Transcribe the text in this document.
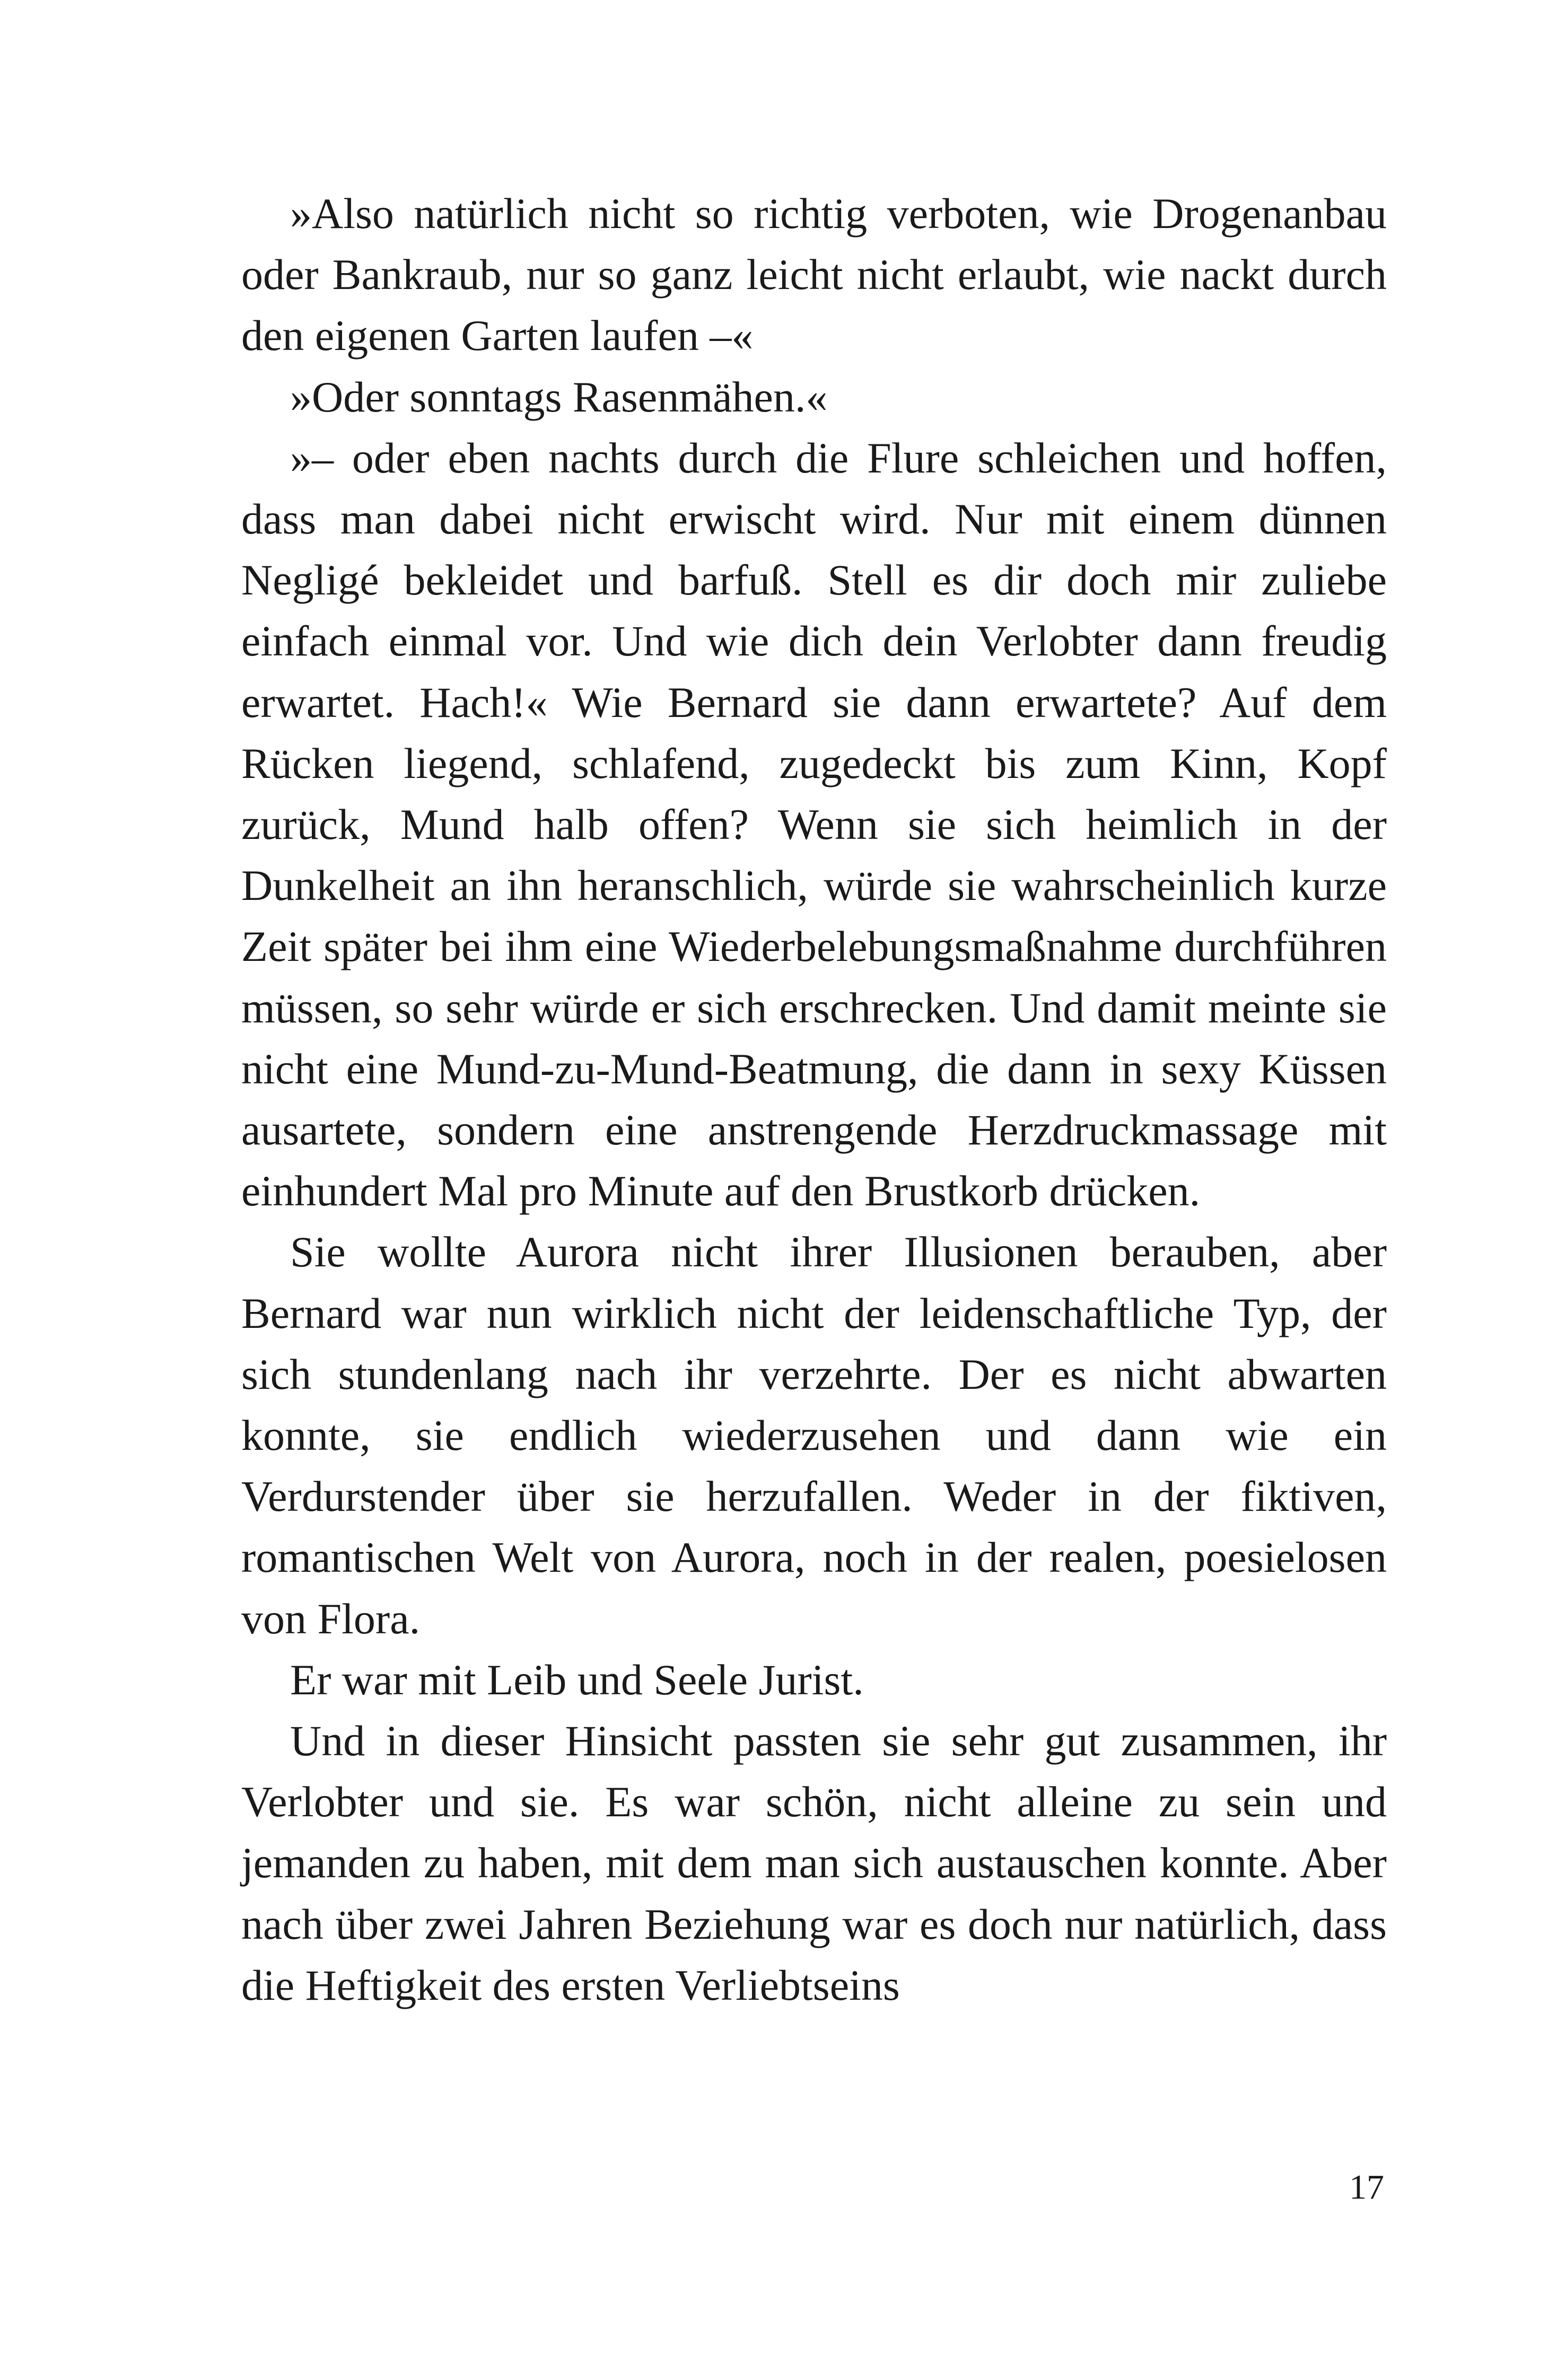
»Also natürlich nicht so richtig verboten, wie Drogenanbau oder Bankraub, nur so ganz leicht nicht erlaubt, wie nackt durch den eigenen Garten laufen –«

»Oder sonntags Rasenmähen.«

»– oder eben nachts durch die Flure schleichen und hoffen, dass man dabei nicht erwischt wird. Nur mit einem dünnen Negligé bekleidet und barfuß. Stell es dir doch mir zuliebe einfach einmal vor. Und wie dich dein Verlobter dann freudig erwartet. Hach!« Wie Bernard sie dann erwartete? Auf dem Rücken liegend, schlafend, zugedeckt bis zum Kinn, Kopf zurück, Mund halb offen? Wenn sie sich heimlich in der Dunkelheit an ihn heranschlich, würde sie wahrscheinlich kurze Zeit später bei ihm eine Wiederbelebungsmaßnahme durchführen müssen, so sehr würde er sich erschrecken. Und damit meinte sie nicht eine Mund-zu-Mund-Beatmung, die dann in sexy Küssen ausartete, sondern eine anstrengende Herzdruckmassage mit einhundert Mal pro Minute auf den Brustkorb drücken.

Sie wollte Aurora nicht ihrer Illusionen berauben, aber Bernard war nun wirklich nicht der leidenschaftliche Typ, der sich stundenlang nach ihr verzehrte. Der es nicht abwarten konnte, sie endlich wiederzusehen und dann wie ein Verdurstender über sie herzufallen. Weder in der fiktiven, romantischen Welt von Aurora, noch in der realen, poesielosen von Flora.

Er war mit Leib und Seele Jurist.

Und in dieser Hinsicht passten sie sehr gut zusammen, ihr Verlobter und sie. Es war schön, nicht alleine zu sein und jemanden zu haben, mit dem man sich austauschen konnte. Aber nach über zwei Jahren Beziehung war es doch nur natürlich, dass die Heftigkeit des ersten Verliebtseins

17
